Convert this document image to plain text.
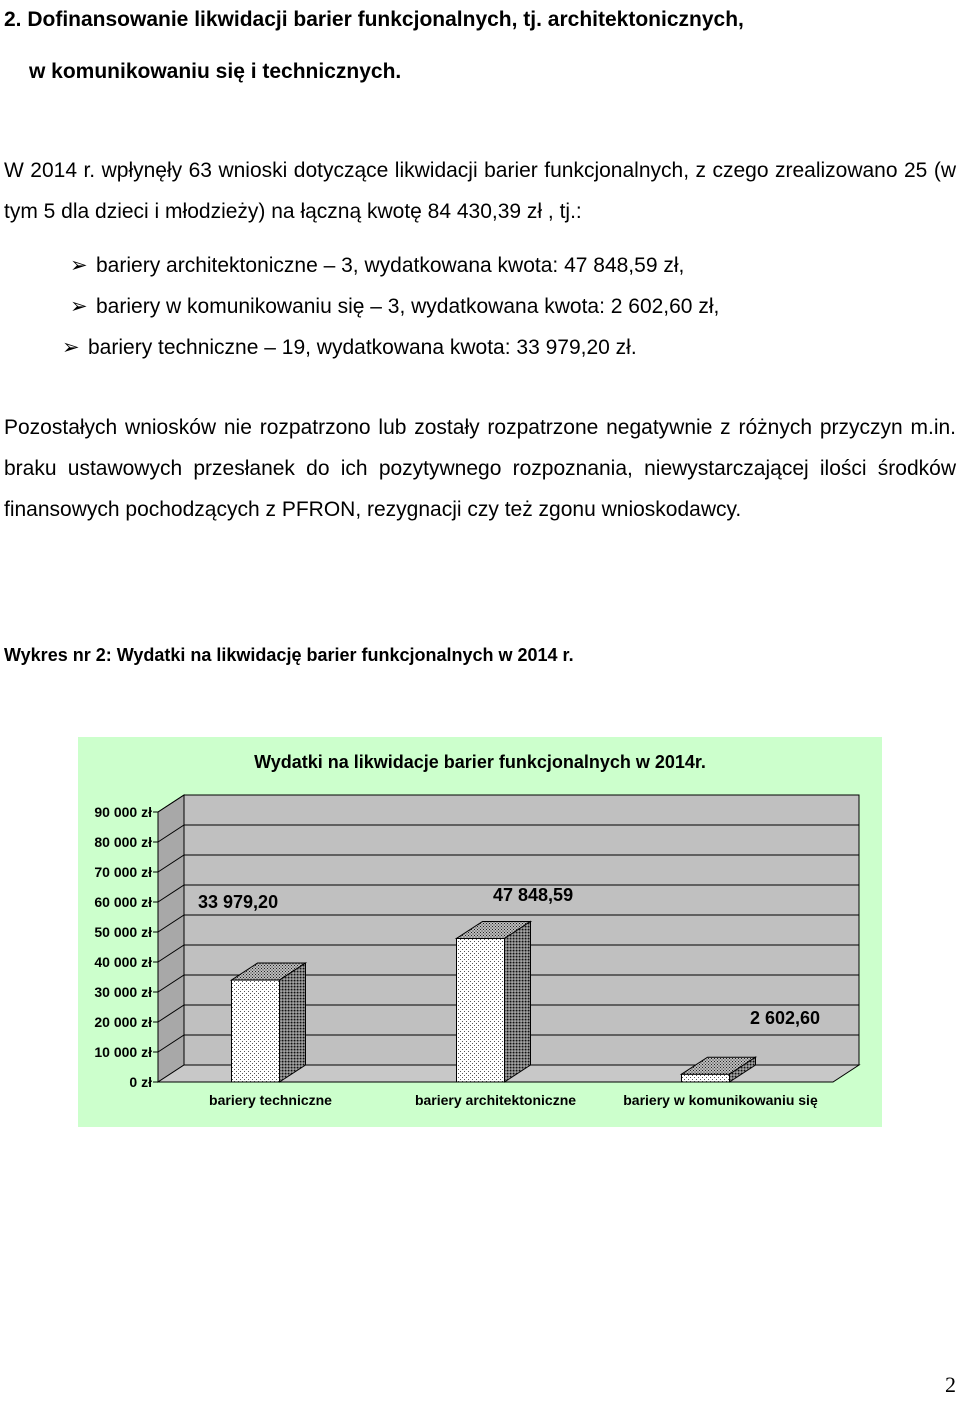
2. Dofinansowanie likwidacji barier funkcjonalnych, tj. architektonicznych,
w komunikowaniu się i technicznych.
W 2014 r. wpłynęły 63 wnioski dotyczące likwidacji barier funkcjonalnych, z czego zrealizowano 25 (w tym 5 dla dzieci i młodzieży) na łączną kwotę 84 430,39 zł , tj.:
➢ bariery architektoniczne – 3, wydatkowana kwota: 47 848,59 zł,
➢ bariery w komunikowaniu się – 3, wydatkowana kwota: 2 602,60 zł,
➢ bariery techniczne – 19, wydatkowana kwota: 33 979,20 zł.
Pozostałych wniosków nie rozpatrzono lub zostały rozpatrzone negatywnie z różnych przyczyn m.in. braku ustawowych przesłanek do ich pozytywnego rozpoznania, niewystarczającej ilości środków finansowych pochodzących z PFRON, rezygnacji czy też zgonu wnioskodawcy.
Wykres nr 2: Wydatki na likwidację barier funkcjonalnych w 2014 r.
Wydatki na likwidacje barier funkcjonalnych w 2014r.
0 zł
10 000 zł
20 000 zł
30 000 zł
40 000 zł
50 000 zł
60 000 zł
70 000 zł
80 000 zł
90 000 zł
bariery techniczne
33 979,20
bariery architektoniczne
47 848,59
bariery w komunikowaniu się
2 602,60
2
